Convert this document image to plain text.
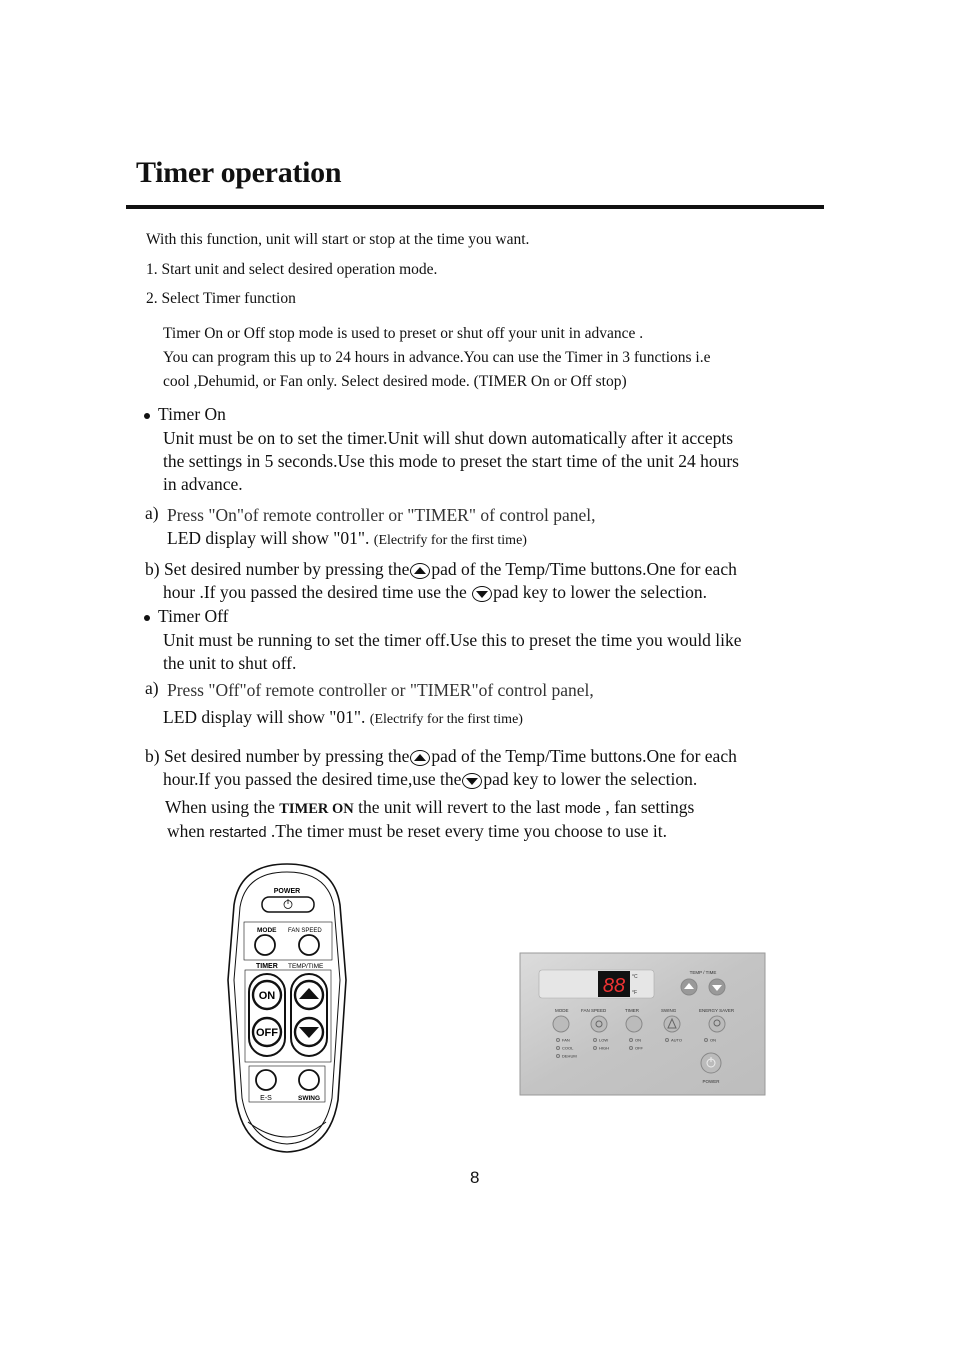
Timer operation
With this function, unit will start or stop at the time you want.
1. Start unit and select desired operation mode.
2. Select Timer function
Timer On or Off stop mode is used to preset or shut off your unit in advance .
You can program this up to 24 hours in advance.You can use the Timer in 3 functions i.e
cool ,Dehumid, or Fan only. Select desired mode. (TIMER On or Off stop)
Timer On
Unit must be on to set the timer.Unit will shut down automatically after it accepts
the settings in 5 seconds.Use this mode to preset the start time of the unit 24 hours
in advance.
a) Press "On"of remote controller or "TIMER" of control panel,
LED display will show "01". (Electrify for the first time)
b) Set desired number by pressing the pad of the Temp/Time buttons.One for each
hour .If you passed the desired time use the pad key to lower the selection.
Timer Off
Unit must be running to set the timer off.Use this to preset the time you would like
the unit to shut off.
a) Press "Off"of remote controller or "TIMER"of control panel,
LED display will show "01". (Electrify for the first time)
b) Set desired number by pressing the pad of the Temp/Time buttons.One for each
hour.If you passed the desired time,use the pad key to lower the selection.
When using the TIMER ON the unit will revert to the last mode , fan settings
when restarted .The timer must be reset every time you choose to use it.
POWER
MODE FAN SPEED
TIMER TEMP/TIME
ON
OFF
E-S	SWING
88 °C
°F
TEMP / TIME
MODE	FAN SPEED	TIMER	SWING	ENERGY SAVER
FAN
COOL
DEHUM
LOW
HIGH
ON
OFF
AUTO	ON
POWER
8
